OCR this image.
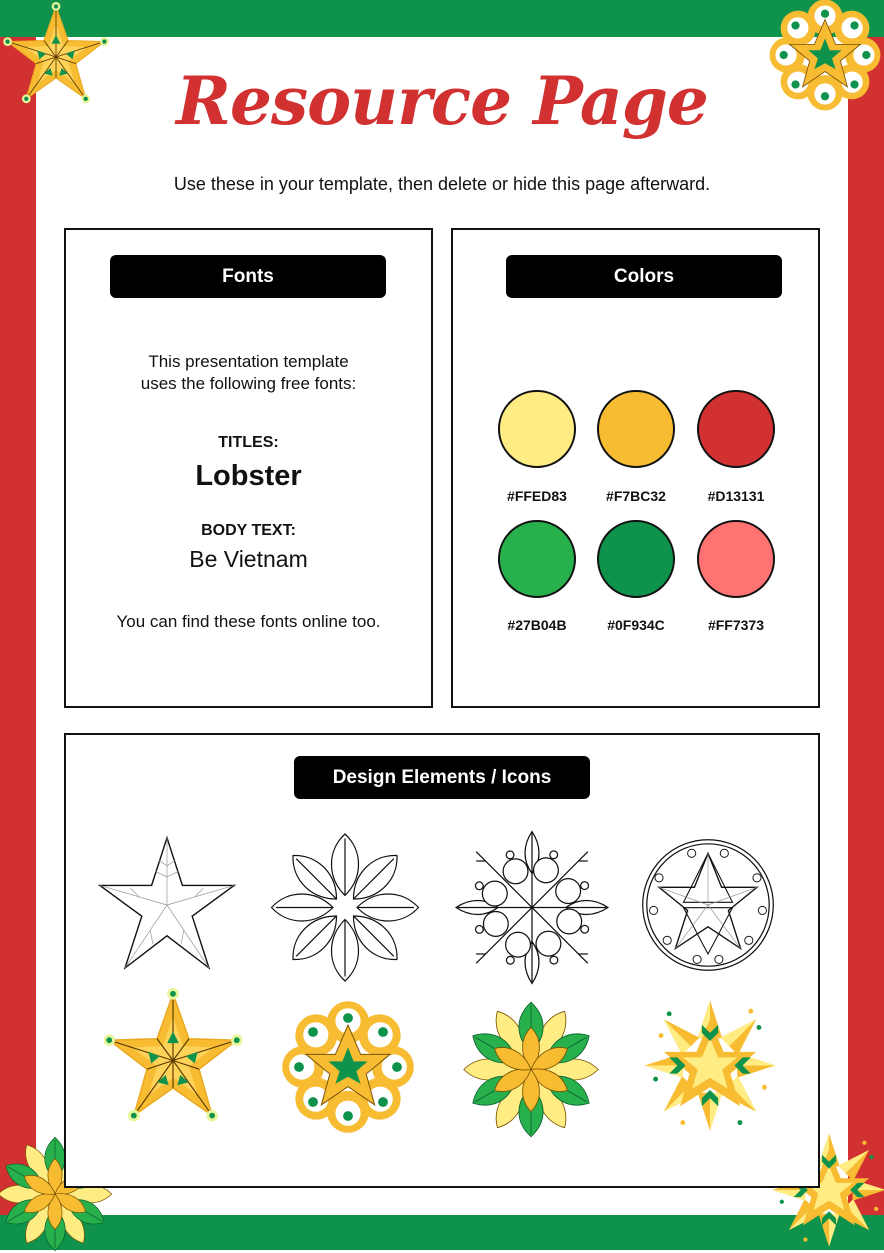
Resource Page
Use these in your template, then delete or hide this page afterward.
Fonts
This presentation template
uses the following free fonts:
TITLES:
Lobster
BODY TEXT:
Be Vietnam
You can find these fonts online too.
Colors
#FFED83	#F7BC32	#D13131
#27B04B	#0F934C	#FF7373
Design Elements / Icons
